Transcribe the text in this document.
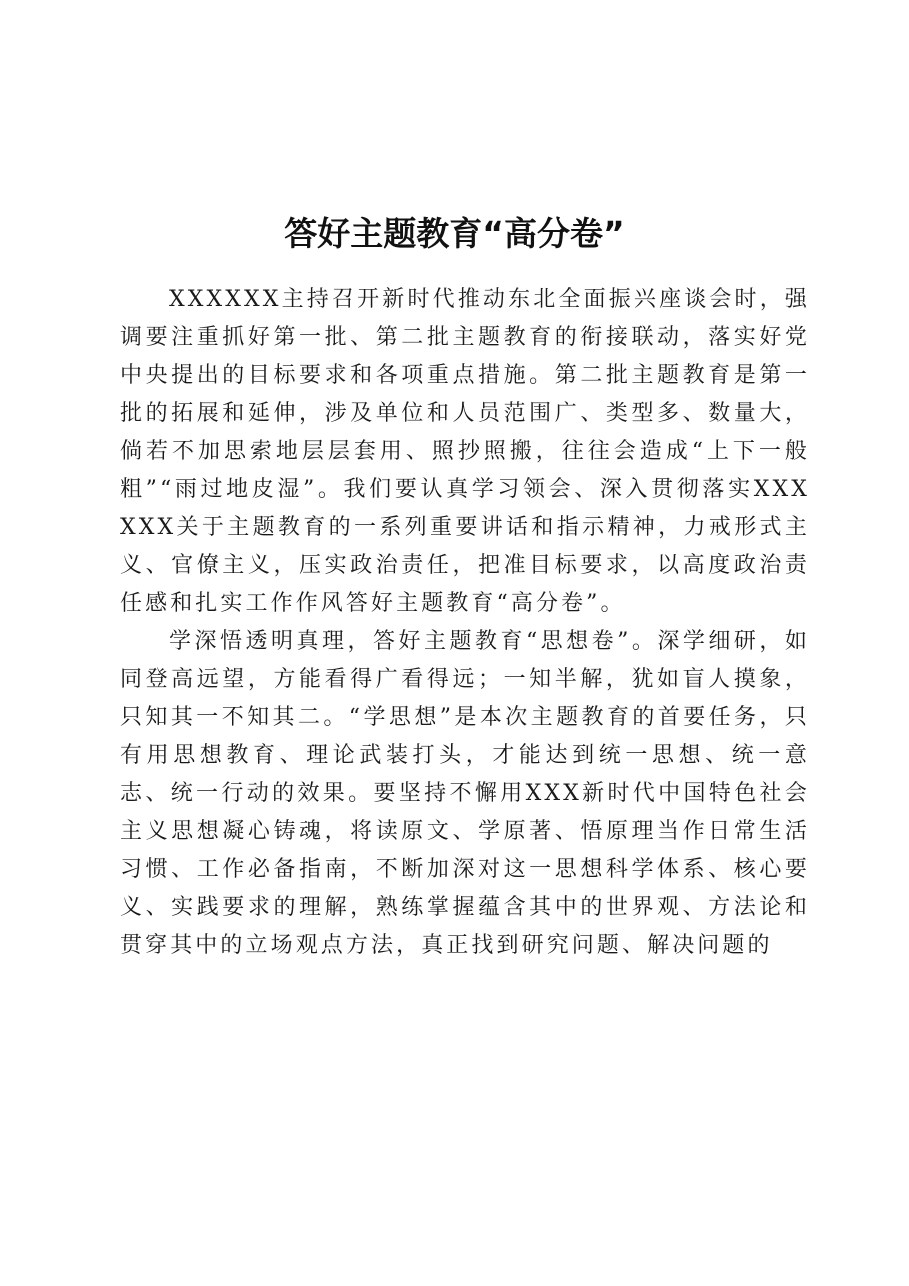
答好主题教育“高分卷”

XXXXXX主持召开新时代推动东北全面振兴座谈会时，强调要注重抓好第一批、第二批主题教育的衔接联动，落实好党中央提出的目标要求和各项重点措施。第二批主题教育是第一批的拓展和延伸，涉及单位和人员范围广、类型多、数量大，倘若不加思索地层层套用、照抄照搬，往往会造成“上下一般粗”“雨过地皮湿”。我们要认真学习领会、深入贯彻落实XXXXXX关于主题教育的一系列重要讲话和指示精神，力戒形式主义、官僚主义，压实政治责任，把准目标要求，以高度政治责任感和扎实工作作风答好主题教育“高分卷”。

学深悟透明真理，答好主题教育“思想卷”。深学细研，如同登高远望，方能看得广看得远；一知半解，犹如盲人摸象，只知其一不知其二。“学思想”是本次主题教育的首要任务，只有用思想教育、理论武装打头，才能达到统一思想、统一意志、统一行动的效果。要坚持不懈用XXX新时代中国特色社会主义思想凝心铸魂，将读原文、学原著、悟原理当作日常生活习惯、工作必备指南，不断加深对这一思想科学体系、核心要义、实践要求的理解，熟练掌握蕴含其中的世界观、方法论和贯穿其中的立场观点方法，真正找到研究问题、解决问题的
